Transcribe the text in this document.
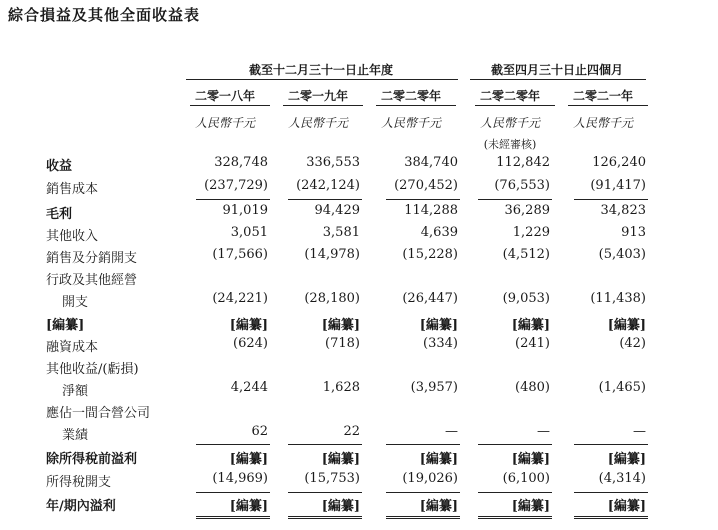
綜合損益及其他全面收益表
截至十二月三十一日止年度	截至四月三十日止四個月
二零一八年	二零一九年	二零二零年	二零二零年	二零二一年
人民幣千元	人民幣千元	人民幣千元	人民幣千元	人民幣千元
(未經審核)
收益	328,748	336,553	384,740	112,842	126,240
銷售成本	(237,729)	(242,124)	(270,452)	(76,553)	(91,417)
毛利	91,019	94,429	114,288	36,289	34,823
其他收入	3,051	3,581	4,639	1,229	913
銷售及分銷開支	(17,566)	(14,978)	(15,228)	(4,512)	(5,403)
行政及其他經營
開支	(24,221)	(28,180)	(26,447)	(9,053)	(11,438)
[編纂]	[編纂]	[編纂]	[編纂]	[編纂]	[編纂]
融資成本	(624)	(718)	(334)	(241)	(42)
其他收益/(虧損)
淨額	4,244	1,628	(3,957)	(480)	(1,465)
應佔一間合營公司
業績	62	22	—	—	—
除所得稅前溢利	[編纂]	[編纂]	[編纂]	[編纂]	[編纂]
所得稅開支	(14,969)	(15,753)	(19,026)	(6,100)	(4,314)
年/期內溢利	[編纂]	[編纂]	[編纂]	[編纂]	[編纂]
